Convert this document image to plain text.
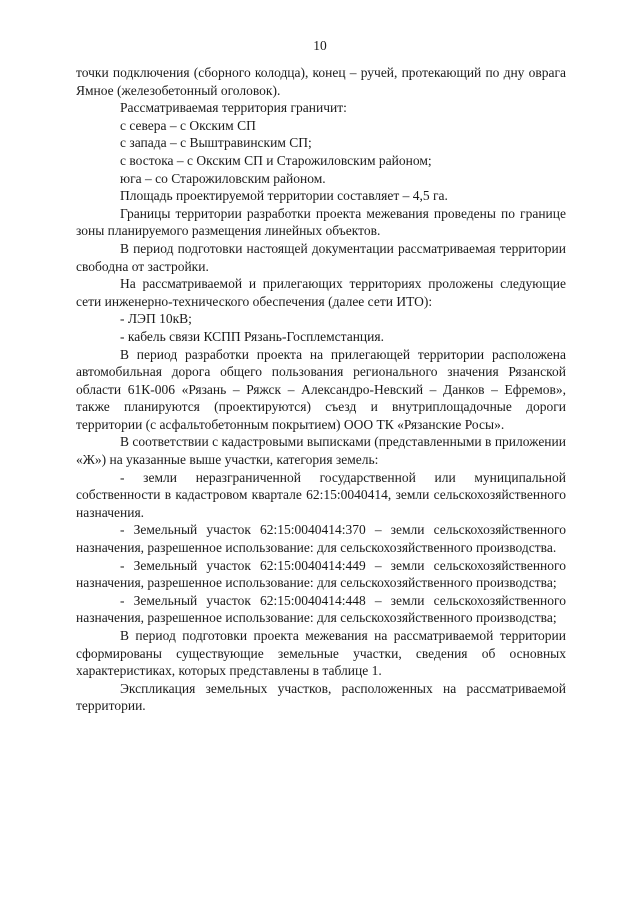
10

точки подключения (сборного колодца), конец – ручей, протекающий по дну оврага Ямное (железобетонный оголовок).

Рассматриваемая территория граничит:

с севера – с Окским СП

с запада – с Выштравинским СП;

с востока – с Окским СП и Старожиловским районом;

юга – со Старожиловским районом.

Площадь проектируемой территории составляет – 4,5 га.

Границы территории разработки проекта межевания проведены по границе зоны планируемого размещения линейных объектов.

В период подготовки настоящей документации рассматриваемая территории свободна от застройки.

На рассматриваемой и прилегающих территориях проложены следующие сети инженерно-технического обеспечения (далее сети ИТО):

- ЛЭП 10кВ;

- кабель связи КСПП Рязань-Госплемстанция.

В период разработки проекта на прилегающей территории расположена автомобильная дорога общего пользования регионального значения Рязанской области 61К-006 «Рязань – Ряжск – Александро-Невский – Данков – Ефремов», также планируются (проектируются) съезд и внутриплощадочные дороги территории (с асфальтобетонным покрытием) ООО ТК «Рязанские Росы».

В соответствии с кадастровыми выписками (представленными в приложении «Ж») на указанные выше участки, категория земель:

- земли неразграниченной государственной или муниципальной собственности в кадастровом квартале 62:15:0040414, земли сельскохозяйственного назначения.

- Земельный участок 62:15:0040414:370 – земли сельскохозяйственного назначения, разрешенное использование: для сельскохозяйственного производства.

- Земельный участок 62:15:0040414:449 – земли сельскохозяйственного назначения, разрешенное использование: для сельскохозяйственного производства;

- Земельный участок 62:15:0040414:448 – земли сельскохозяйственного назначения, разрешенное использование: для сельскохозяйственного производства;

В период подготовки проекта межевания на рассматриваемой территории сформированы существующие земельные участки, сведения об основных характеристиках, которых представлены в таблице 1.

Экспликация земельных участков, расположенных на рассматриваемой территории.
